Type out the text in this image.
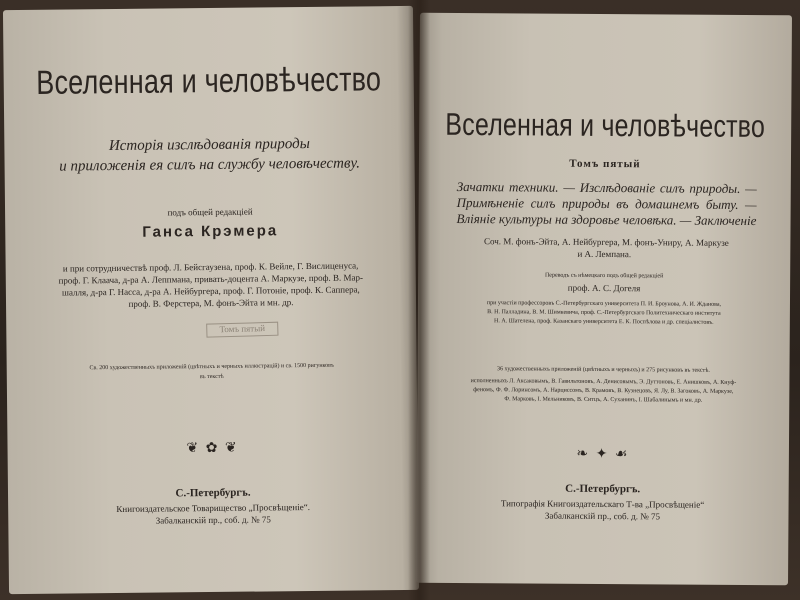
Вселенная и человѣчество
Исторія изслѣдованія природы
и приложенія ея силъ на службу человѣчеству.
подъ общей редакціей
Ганса Крэмера
и при сотрудничествѣ проф. Л. Бейсгаузена, проф. К. Вейле, Г. Вислиценуса,
проф. Г. Клаача, д-ра А. Леппмана, привать-доцента А. Маркузе, проф. В. Мар-
шалля, д-ра Г. Нaссa, д-ра А. Нейбургера, проф. Г. Потоніе, проф. К. Саппера,
проф. В. Ферстера, М. фонъ-Эйта и мн. др.
Томъ пятый
Св. 200 художественныхъ приложеній (цвѣтныхъ и черныхъ иллюстрацій) и св. 1500 ригунковъ
въ текстѣ
❦ ✿ ❦
С.-Петербургъ.
Книгоиздательское Товарищество „Просвѣщеніе“.
Забалканскій пр., соб. д. № 75
Вселенная и человѣчество
Томъ пятый
Зачатки техники. — Изслѣдованіе силъ природы. — Примѣненіе силъ природы въ домашнемъ быту. — Вліяніе культуры на здоровье человѣка. — Заключеніе
Соч. М. фонъ-Эйта, А. Нейбургера, М. фонъ-Униру, А. Маркузе
и А. Лемпана.
Переводъ съ нѣмецкаго подъ общей редакціей
проф. А. С. Догеля
при участіи профессоровъ С.-Петербургскаго университета П. И. Броунова, А. И. Жданова,
В. Н. Палладина, В. М. Шимкевича, проф. С.-Петербургскаго Политехническаго института
Н. А. Шателена, проф. Казанскаго университета Е. К. Поспѣлова и др. спеціалистовъ.
36 художественныхъ приложеній (цвѣтныхъ и черныхъ) и 275 рисунковъ въ текстѣ.
исполненныхъ Л. Аксаковымъ, В. Гавильтоновъ, А. Денисовымъ, Э. Дуттоновъ, Е. Анишковъ, А. Кнуф-
феномъ, Ф. Ф. Лоринсомъ, А. Нарциссомъ, В. Крамовъ, В. Кузнецовъ, Я. Лу, В. Загоковъ, А. Маркузе,
Ф. Марковъ, І. Мельниковъ, В. Ситцъ, А. Суханинъ, І. Шабалинымъ и мн. др.
❧ ✦ ☙
С.-Петербургъ.
Типографія Книгоиздательскаго Т-ва „Просвѣщеніе“
Забалканскій пр., соб. д. № 75
